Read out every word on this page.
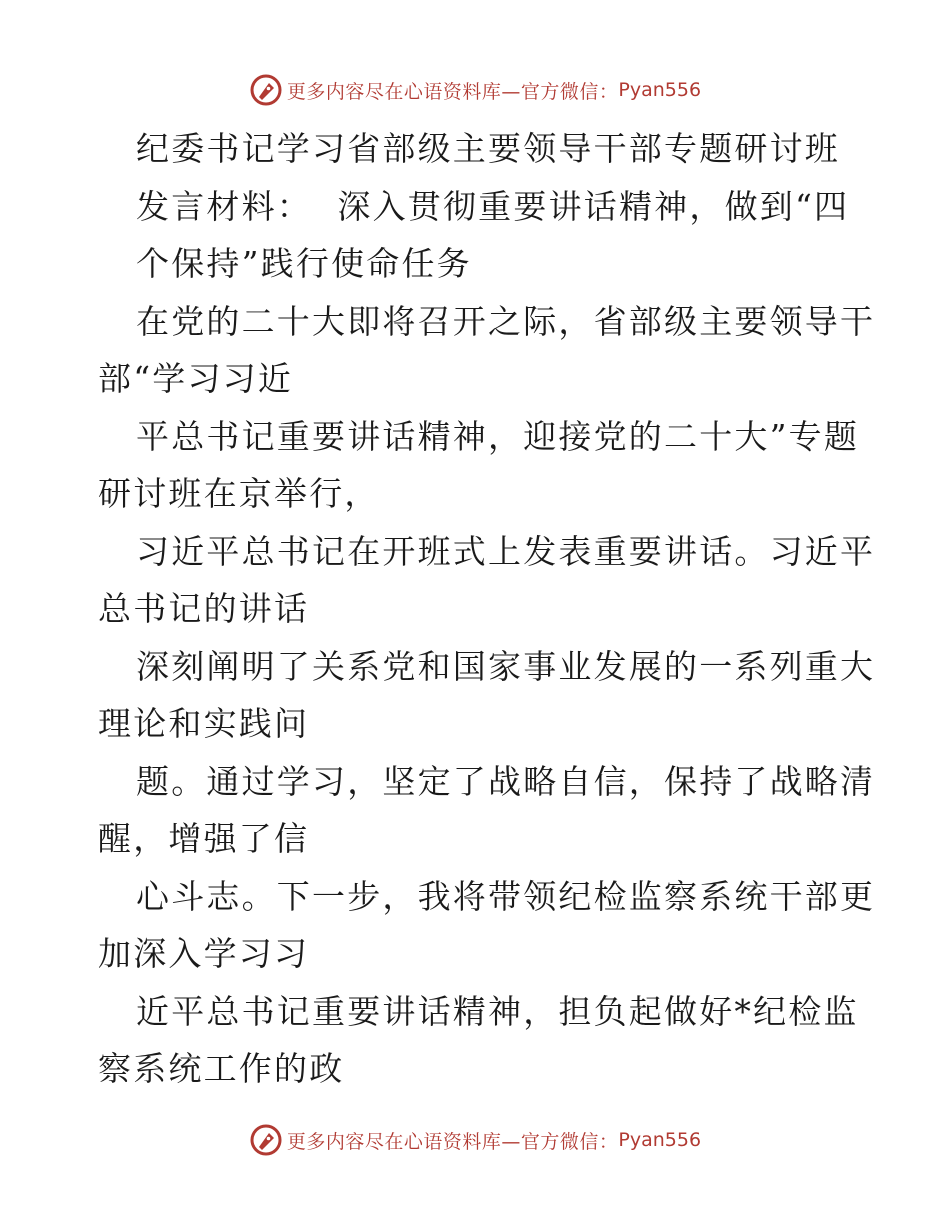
更多内容尽在心语资料库—官方微信： Pyan556
纪委书记学习省部级主要领导干部专题研讨班
发言材料：  深入贯彻重要讲话精神，做到“四
个保持”践行使命任务
在党的二十大即将召开之际，省部级主要领导干
部“学习习近
平总书记重要讲话精神，迎接党的二十大”专题
研讨班在京举行，
习近平总书记在开班式上发表重要讲话。习近平
总书记的讲话
深刻阐明了关系党和国家事业发展的一系列重大
理论和实践问
题。通过学习，坚定了战略自信，保持了战略清
醒，增强了信
心斗志。下一步，我将带领纪检监察系统干部更
加深入学习习
近平总书记重要讲话精神，担负起做好*纪检监
察系统工作的政
更多内容尽在心语资料库—官方微信： Pyan556
